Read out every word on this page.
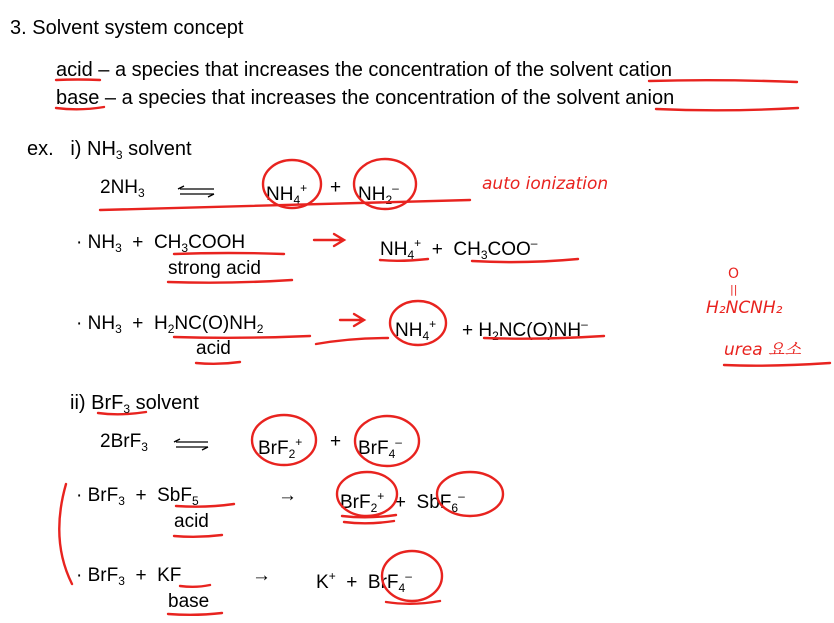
3. Solvent system concept
acid – a species that increases the concentration of the solvent cation
base – a species that increases the concentration of the solvent anion
ex. i) $NH_3$ solvent
$2NH_3$	$NH_4^+ + NH_2^-$	auto ionization
· $NH_3$  +  $CH_3COOH$	$NH_4^+ + CH_3COO^-$
strong acid
· $NH_3 + H_2NC(O)NH_2$	$NH_4^+ + H_2NC(O)NH^-$
acid
O
||
H₂NCNH₂
urea 요소
ii) BrF$_3$ solvent
2BrF$_3$	BrF$_2$+ + BrF$_4$–
· BrF$_3$  +  SbF$_5$	→ BrF$_2$+  +  SbF$_6$–
acid
· BrF$_3$  +  KF	→ K+  +  BrF$_4$–
base
